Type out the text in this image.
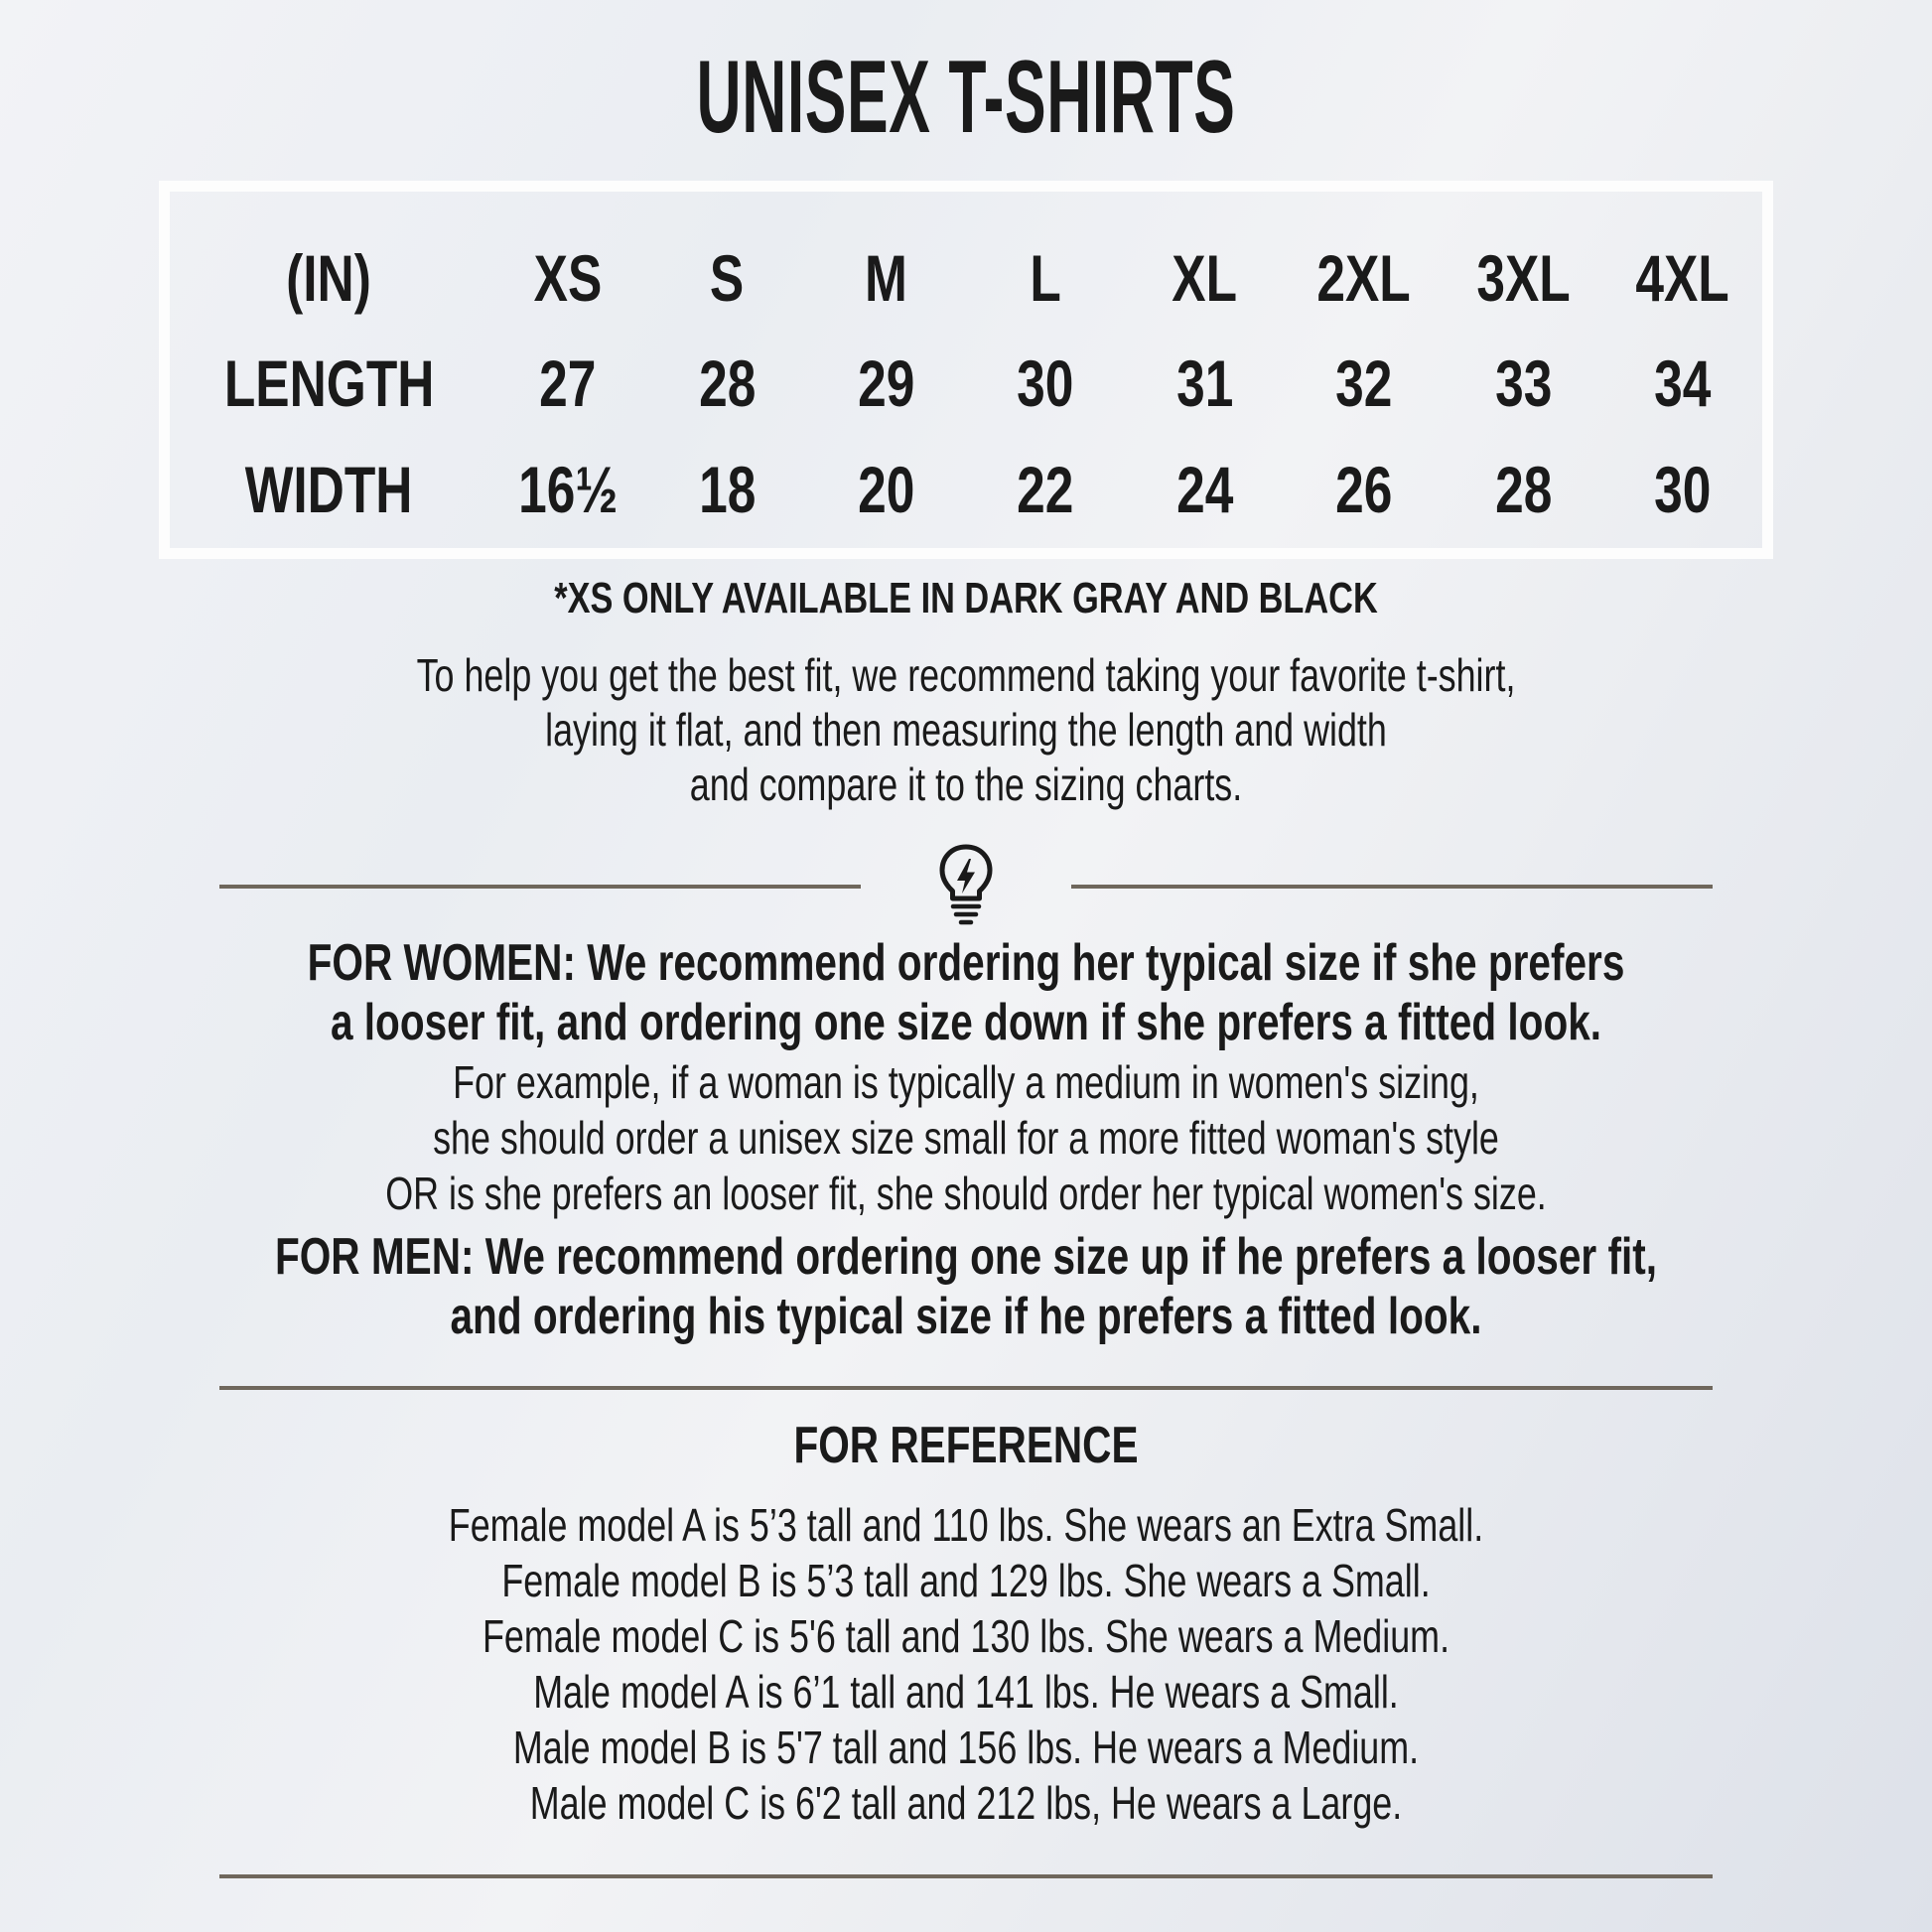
UNISEX T-SHIRTS
(IN) XS S M L XL 2XL 3XL 4XL
LENGTH 27 28 29 30 31 32 33 34
WIDTH 16½ 18 20 22 24 26 28 30
*XS ONLY AVAILABLE IN DARK GRAY AND BLACK
To help you get the best fit, we recommend taking your favorite t-shirt,
laying it flat, and then measuring the length and width
and compare it to the sizing charts.
FOR WOMEN: We recommend ordering her typical size if she prefers
a looser fit, and ordering one size down if she prefers a fitted look.
For example, if a woman is typically a medium in women's sizing,
she should order a unisex size small for a more fitted woman's style
OR is she prefers an looser fit, she should order her typical women's size.
FOR MEN: We recommend ordering one size up if he prefers a looser fit,
and ordering his typical size if he prefers a fitted look.
FOR REFERENCE
Female model A is 5’3 tall and 110 lbs. She wears an Extra Small.
Female model B is 5’3 tall and 129 lbs. She wears a Small.
Female model C is 5'6 tall and 130 lbs. She wears a Medium.
Male model A is 6’1 tall and 141 lbs. He wears a Small.
Male model B is 5'7 tall and 156 lbs. He wears a Medium.
Male model C is 6'2 tall and 212 lbs, He wears a Large.
